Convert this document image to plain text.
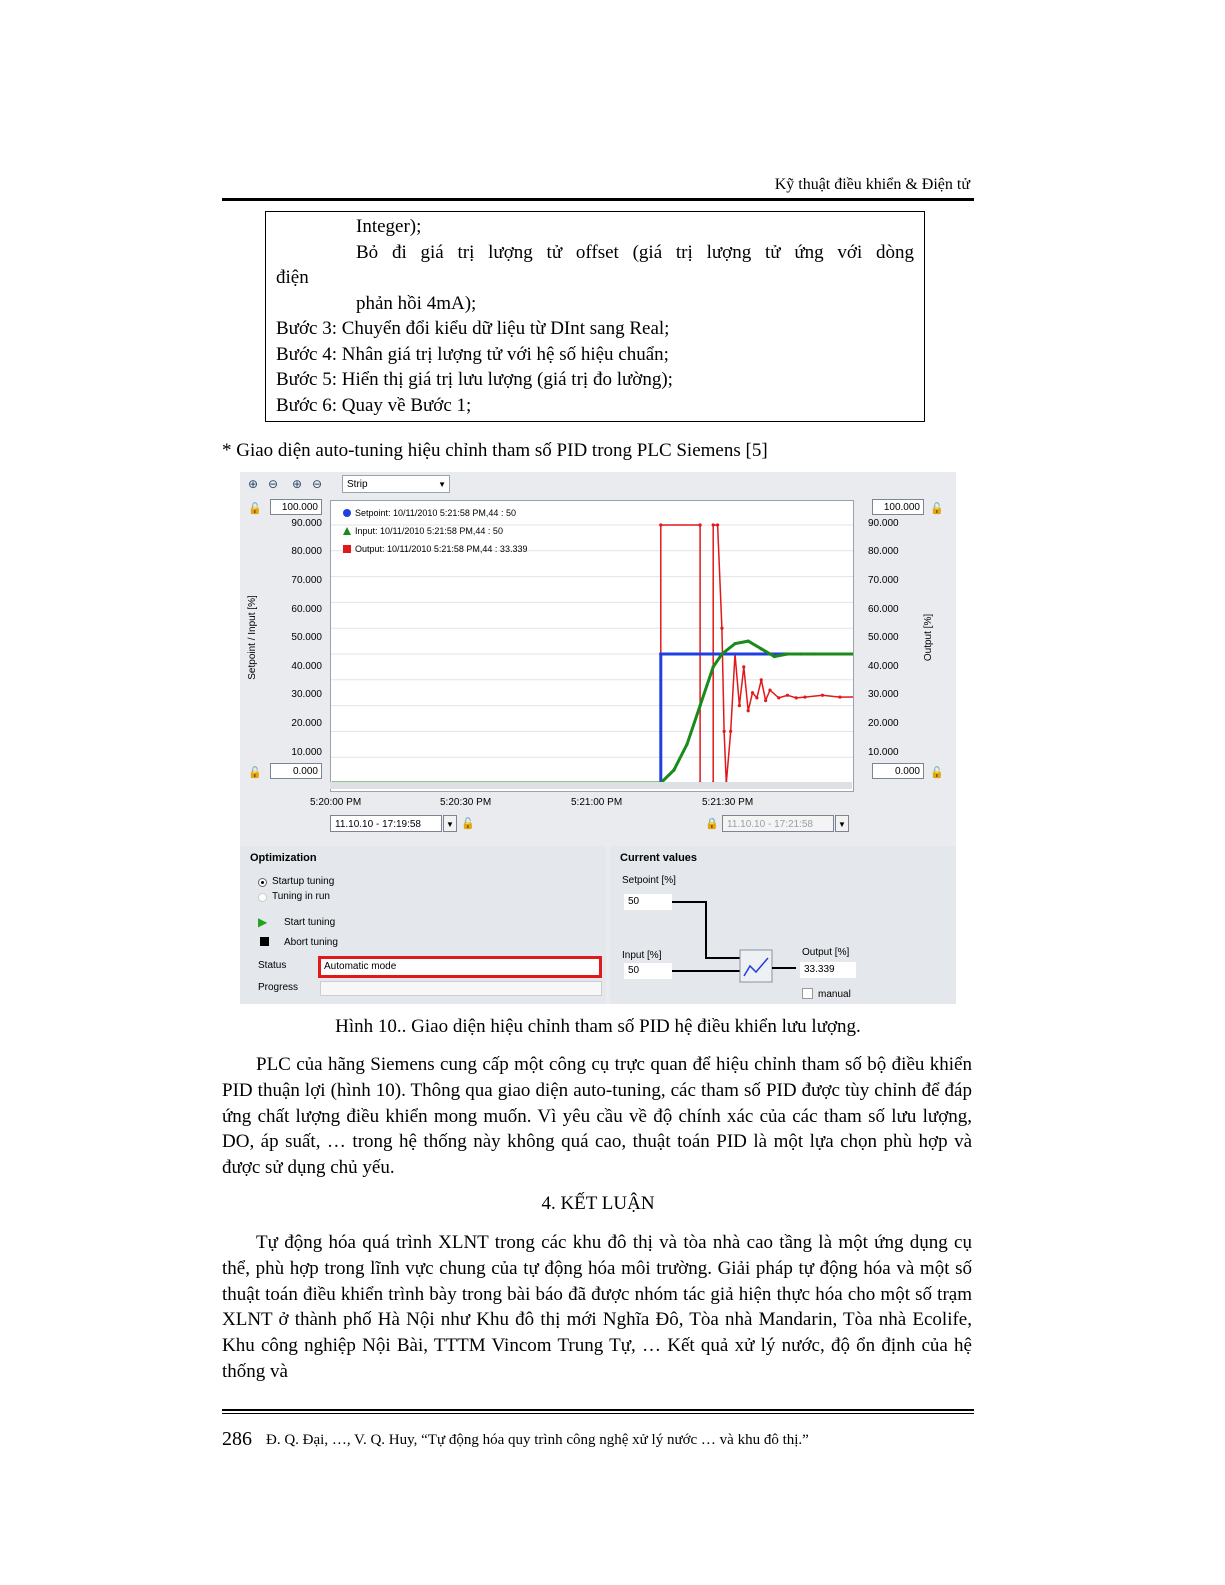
Kỹ thuật điều khiển & Điện tử
Integer);
Bỏ đi giá trị lượng tử offset (giá trị lượng tử ứng với dòng
điện
phản hồi 4mA);
Bước 3: Chuyển đổi kiểu dữ liệu từ DInt sang Real;
Bước 4: Nhân giá trị lượng tử với hệ số hiệu chuẩn;
Bước 5: Hiển thị giá trị lưu lượng (giá trị đo lường);
Bước 6: Quay về Bước 1;
* Giao diện auto-tuning hiệu chỉnh tham số PID trong PLC Siemens [5]
⊕ ⊖	⊕ ⊖	Strip	▼
🔓	100.000
🔓	0.000
🔓
100.000
🔓
0.000
90.000
80.000
70.000
60.000
50.000
40.000
30.000
20.000
10.000
90.000
80.000
70.000
60.000
50.000
40.000
30.000
20.000
10.000
Setpoint / Input [%]	Output [%]
Setpoint: 10/11/2010 5:21:58 PM,44 : 50
Input: 10/11/2010 5:21:58 PM,44 : 50
Output: 10/11/2010 5:21:58 PM,44 : 33.339
5:20:00 PM	5:20:30 PM	5:21:00 PM	5:21:30 PM
11.10.10 - 17:19:58	▼ 🔓	🔒 11.10.10 - 17:21:58	▼
Optimization
Startup tuning
Tuning in run
▶ Start tuning
Abort tuning
Status	Automatic mode
Progress
Current values
Setpoint [%]
50
Input [%]
50
Output [%]
33.339
manual
Hình 10.. Giao diện hiệu chỉnh tham số PID hệ điều khiển lưu lượng.
PLC của hãng Siemens cung cấp một công cụ trực quan để hiệu chỉnh tham số bộ điều khiển PID thuận lợi (hình 10). Thông qua giao diện auto-tuning, các tham số PID được tùy chỉnh để đáp ứng chất lượng điều khiển mong muốn. Vì yêu cầu về độ chính xác của các tham số lưu lượng, DO, áp suất, … trong hệ thống này không quá cao, thuật toán PID là một lựa chọn phù hợp và được sử dụng chủ yếu.
4. KẾT LUẬN
Tự động hóa quá trình XLNT trong các khu đô thị và tòa nhà cao tầng là một ứng dụng cụ thể, phù hợp trong lĩnh vực chung của tự động hóa môi trường. Giải pháp tự động hóa và một số thuật toán điều khiển trình bày trong bài báo đã được nhóm tác giả hiện thực hóa cho một số trạm XLNT ở thành phố Hà Nội như Khu đô thị mới Nghĩa Đô, Tòa nhà Mandarin, Tòa nhà Ecolife, Khu công nghiệp Nội Bài, TTTM Vincom Trung Tự, … Kết quả xử lý nước, độ ổn định của hệ thống và
286 Đ. Q. Đại, …, V. Q. Huy, “Tự động hóa quy trình công nghệ xử lý nước … và khu đô thị.”
